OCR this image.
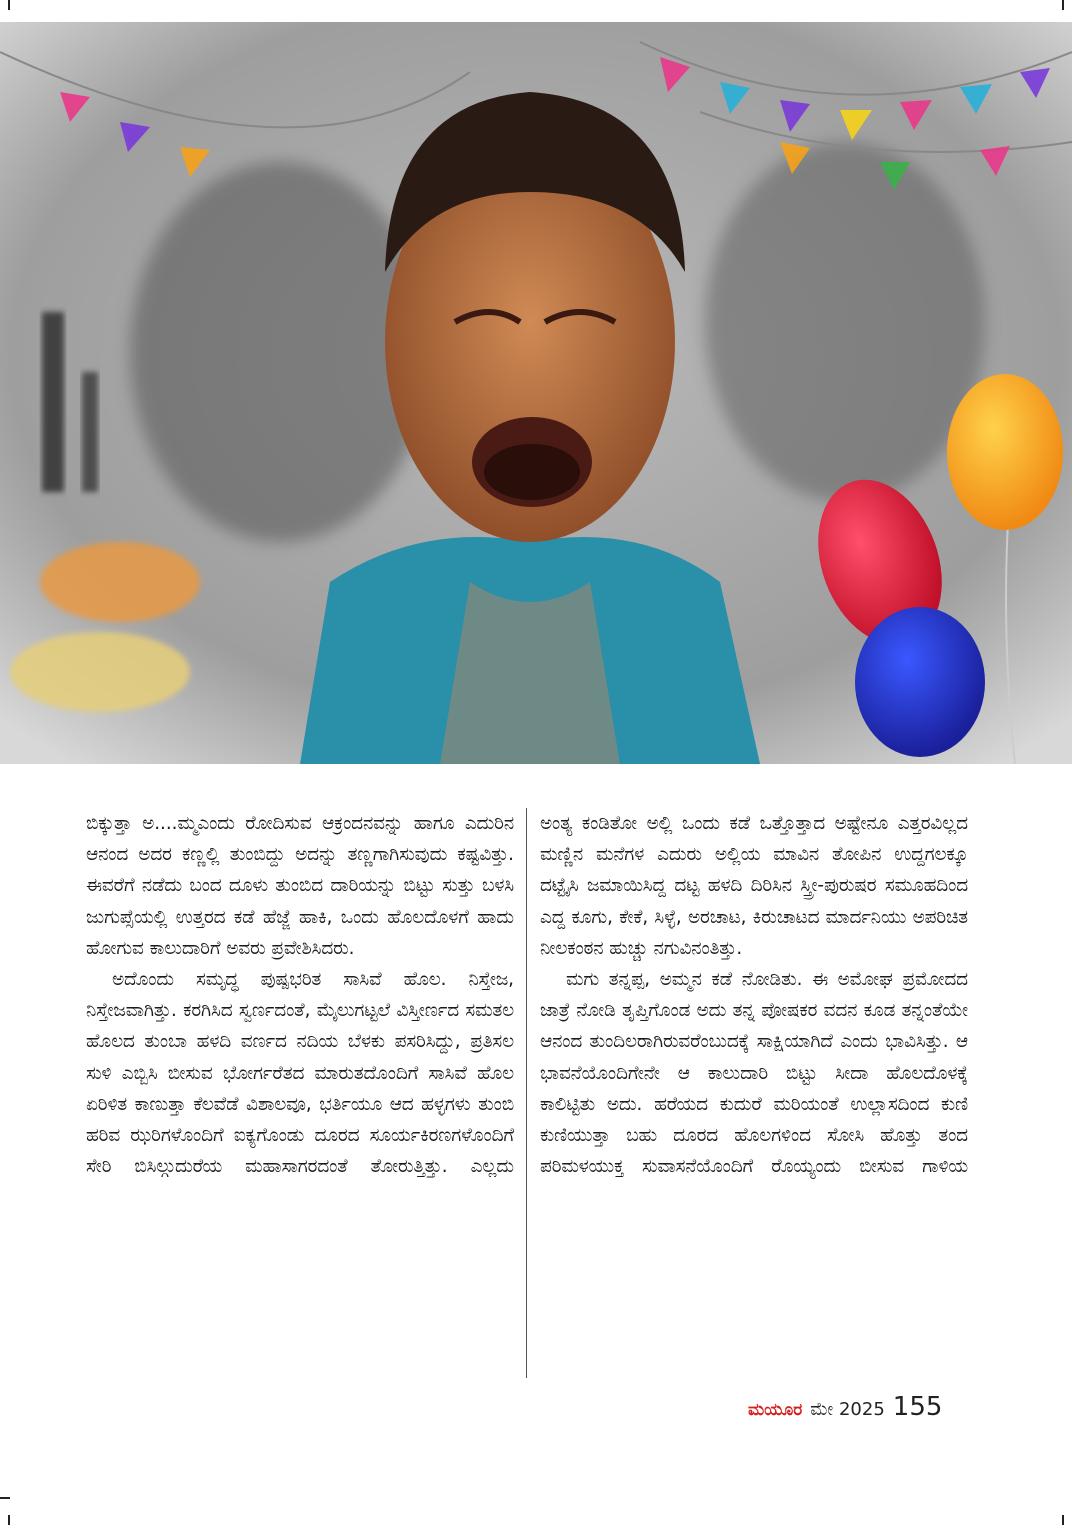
ಬಿಕ್ಕುತ್ತಾ ಅ....ಮ್ಮಎಂದು ರೋದಿಸುವ ಆಕ್ರಂದನವನ್ನು ಹಾಗೂ ಎದುರಿನ ಆನಂದ ಅದರ ಕಣ್ಣಲ್ಲಿ ತುಂಬಿದ್ದು ಅದನ್ನು ತಣ್ಣಗಾಗಿಸುವುದು ಕಷ್ಟವಿತ್ತು. ಈವರೆಗೆ ನಡೆದು ಬಂದ ದೂಳು ತುಂಬಿದ ದಾರಿಯನ್ನು ಬಿಟ್ಟು ಸುತ್ತು ಬಳಸಿ ಜುಗುಪ್ಸೆಯಲ್ಲಿ ಉತ್ತರದ ಕಡೆ ಹೆಜ್ಜೆ ಹಾಕಿ, ಒಂದು ಹೊಲದೊಳಗೆ ಹಾದು ಹೋಗುವ ಕಾಲುದಾರಿಗೆ ಅವರು ಪ್ರವೇಶಿಸಿದರು.

ಅದೊಂದು ಸಮೃದ್ಧ ಪುಷ್ಪಭರಿತ ಸಾಸಿವೆ ಹೊಲ. ನಿಸ್ತೇಜ, ನಿಸ್ತೇಜವಾಗಿತ್ತು. ಕರಗಿಸಿದ ಸ್ವರ್ಣದಂತೆ, ಮೈಲುಗಟ್ಟಲೆ ವಿಸ್ತೀರ್ಣದ ಸಮತಲ ಹೊಲದ ತುಂಬಾ ಹಳದಿ ವರ್ಣದ ನದಿಯ ಬೆಳಕು ಪಸರಿಸಿದ್ದು, ಪ್ರತಿಸಲ ಸುಳಿ ಎಬ್ಬಿಸಿ ಬೀಸುವ ಭೋರ್ಗರೆತದ ಮಾರುತದೊಂದಿಗೆ ಸಾಸಿವೆ ಹೊಲ ಏರಿಳಿತ ಕಾಣುತ್ತಾ ಕೆಲವೆಡೆ ವಿಶಾಲವೂ, ಭರ್ತಿಯೂ ಆದ ಹಳ್ಳಗಳು ತುಂಬಿ ಹರಿವ ಝರಿಗಳೊಂದಿಗೆ ಐಕ್ಯಗೊಂಡು ದೂರದ ಸೂರ್ಯಕಿರಣಗಳೊಂದಿಗೆ ಸೇರಿ ಬಿಸಿಲ್ಗುದುರೆಯ ಮಹಾಸಾಗರದಂತೆ ತೋರುತ್ತಿತ್ತು. ಎಲ್ಲದು

ಅಂತ್ಯ ಕಂಡಿತೋ ಅಲ್ಲಿ ಒಂದು ಕಡೆ ಒತ್ತೊತ್ತಾದ ಅಷ್ಟೇನೂ ಎತ್ತರವಿಲ್ಲದ ಮಣ್ಣಿನ ಮನೆಗಳ ಎದುರು ಅಲ್ಲಿಯ ಮಾವಿನ ತೋಪಿನ ಉದ್ದಗಲಕ್ಕೂ ದಟ್ಟೈಸಿ ಜಮಾಯಿಸಿದ್ದ ದಟ್ಟ ಹಳದಿ ದಿರಿಸಿನ ಸ್ತ್ರೀ-ಪುರುಷರ ಸಮೂಹದಿಂದ ಎದ್ದ ಕೂಗು, ಕೇಕೆ, ಸಿಳ್ಳೆ, ಅರಚಾಟ, ಕಿರುಚಾಟದ ಮಾರ್ದನಿಯು ಅಪರಿಚಿತ ನೀಲಕಂಠನ ಹುಚ್ಚು ನಗುವಿನಂತಿತ್ತು.

ಮಗು ತನ್ನಪ್ಪ, ಅಮ್ಮನ ಕಡೆ ನೋಡಿತು. ಈ ಅಮೋಘ ಪ್ರಮೋದದ ಜಾತ್ರೆ ನೋಡಿ ತೃಪ್ತಿಗೊಂಡ ಅದು ತನ್ನ ಪೋಷಕರ ವದನ ಕೂಡ ತನ್ನಂತೆಯೇ ಆನಂದ ತುಂದಿಲರಾಗಿರುವರೆಂಬುದಕ್ಕೆ ಸಾಕ್ಷಿಯಾಗಿದೆ ಎಂದು ಭಾವಿಸಿತ್ತು. ಆ ಭಾವನೆಯೊಂದಿಗೇನೇ ಆ ಕಾಲುದಾರಿ ಬಿಟ್ಟು ಸೀದಾ ಹೊಲದೊಳಕ್ಕೆ ಕಾಲಿಟ್ಟಿತು ಅದು. ಹರೆಯದ ಕುದುರೆ ಮರಿಯಂತೆ ಉಲ್ಲಾಸದಿಂದ ಕುಣಿ ಕುಣಿಯುತ್ತಾ ಬಹು ದೂರದ ಹೊಲಗಳಿಂದ ಸೋಸಿ ಹೊತ್ತು ತಂದ ಪರಿಮಳಯುಕ್ತ ಸುವಾಸನೆಯೊಂದಿಗೆ ರೊಯ್ಯಂದು ಬೀಸುವ ಗಾಳಿಯ

ಮಯೂರ ಮೇ 2025 155
